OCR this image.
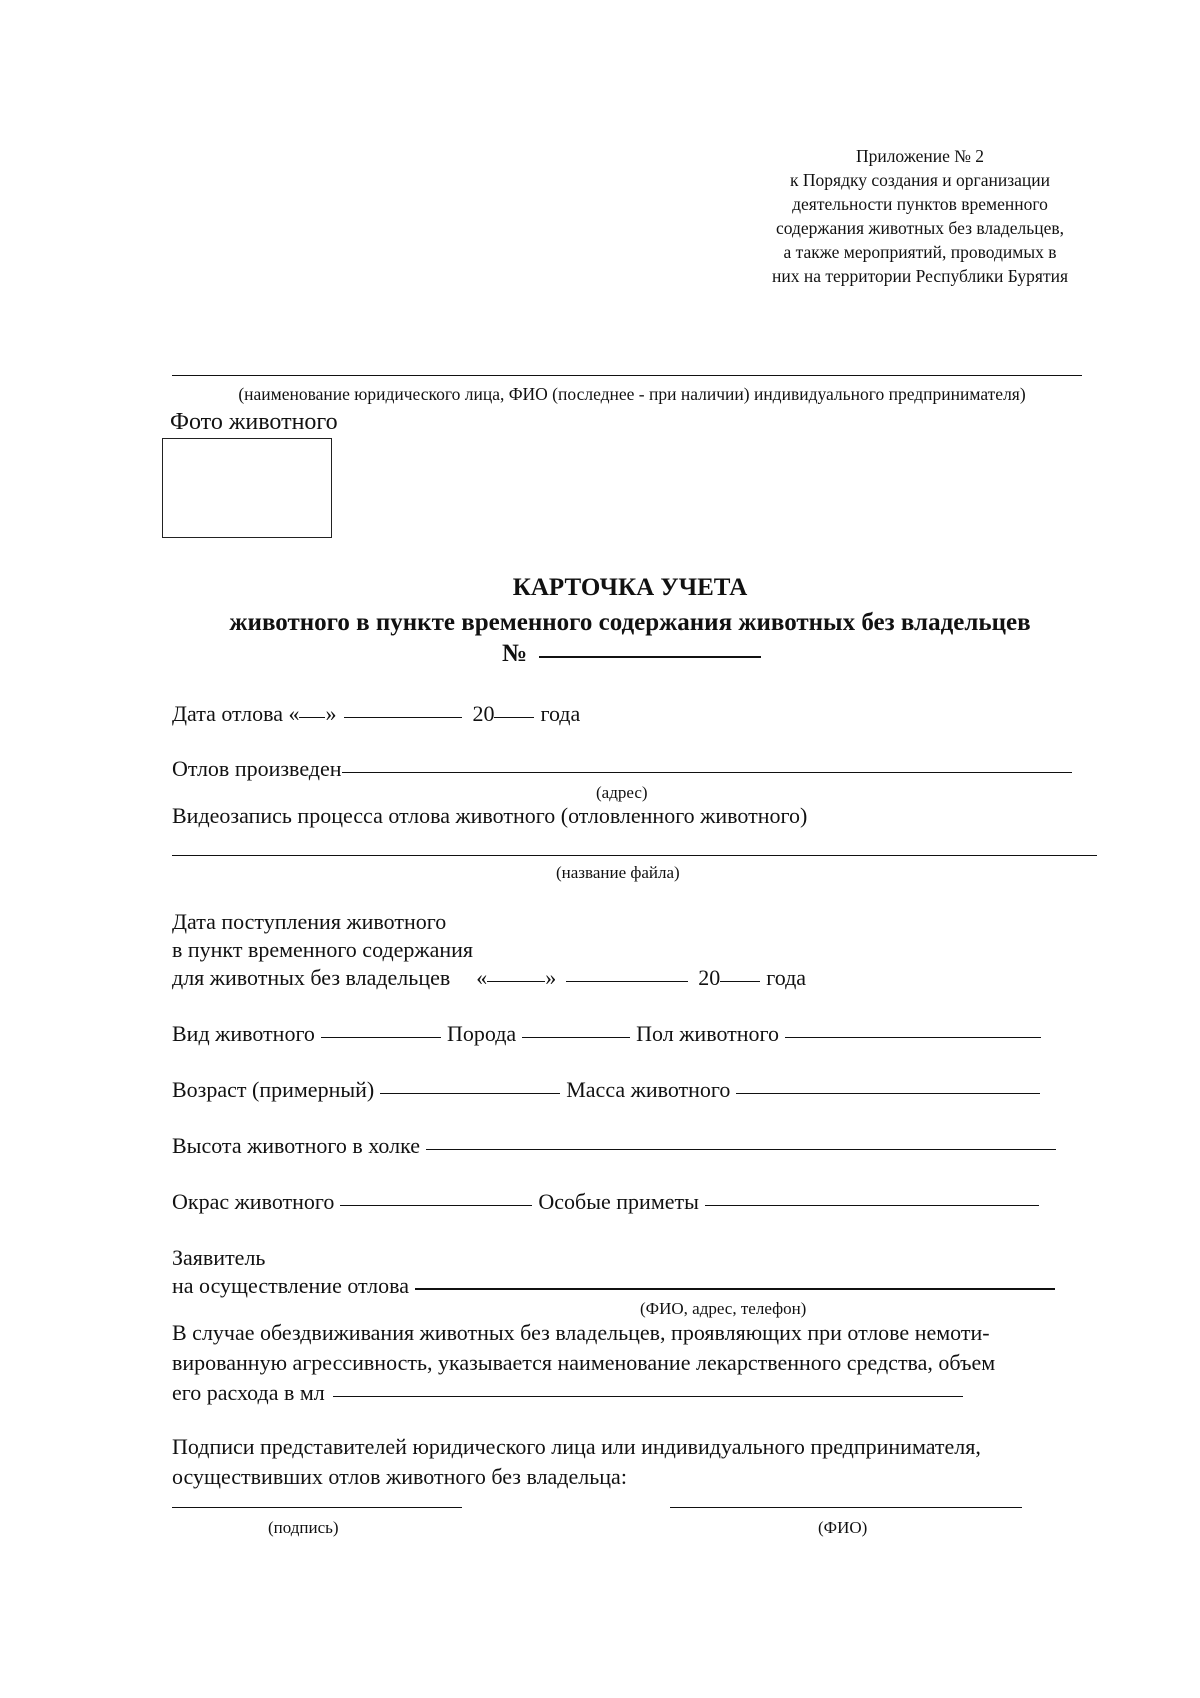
Приложение № 2
к Порядку создания и организации
деятельности пунктов временного
содержания животных без владельцев,
а также мероприятий, проводимых в
них на территории Республики Бурятия
(наименование юридического лица, ФИО (последнее - при наличии) индивидуального предпринимателя)
Фото животного
КАРТОЧКА УЧЕТА
животного в пункте временного содержания животных без владельцев
№
Дата отлова « »	20 года
Отлов произведен
(адрес)
Видеозапись процесса отлова животного (отловленного животного)
(название файла)
Дата поступления животного
в пункт временного содержания
для животных без владельцев «	»	20 года
Вид животного	Порода	Пол животного
Возраст (примерный)	Масса животного
Высота животного в холке
Окрас животного	Особые приметы
Заявитель
на осуществление отлова
(ФИО, адрес, телефон)
В случае обездвиживания животных без владельцев, проявляющих при отлове немоти-
вированную агрессивность, указывается наименование лекарственного средства, объем
его расхода в мл
Подписи представителей юридического лица или индивидуального предпринимателя,
осуществивших отлов животного без владельца:
(подпись)	(ФИО)
